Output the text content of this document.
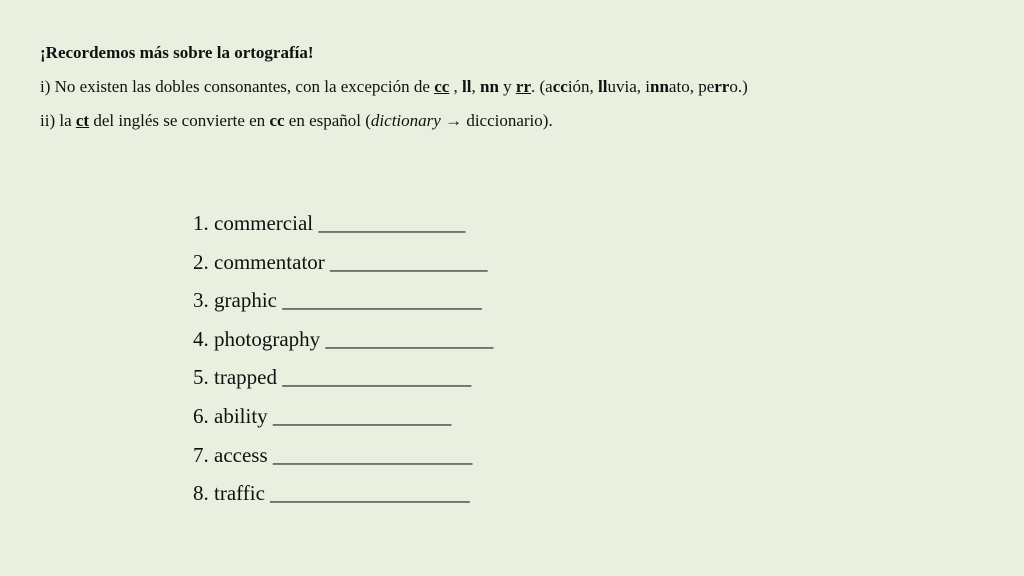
¡Recordemos más sobre la ortografía!
i) No existen las dobles consonantes, con la excepción de cc , ll, nn y rr. (acción, lluvia, innato, perro.)
ii) la ct del inglés se convierte en cc en español (dictionary → diccionario).
1. commercial ______________
2. commentator _______________
3. graphic ___________________
4. photography ________________
5. trapped __________________
6. ability _________________
7. access ___________________
8. traffic ___________________
